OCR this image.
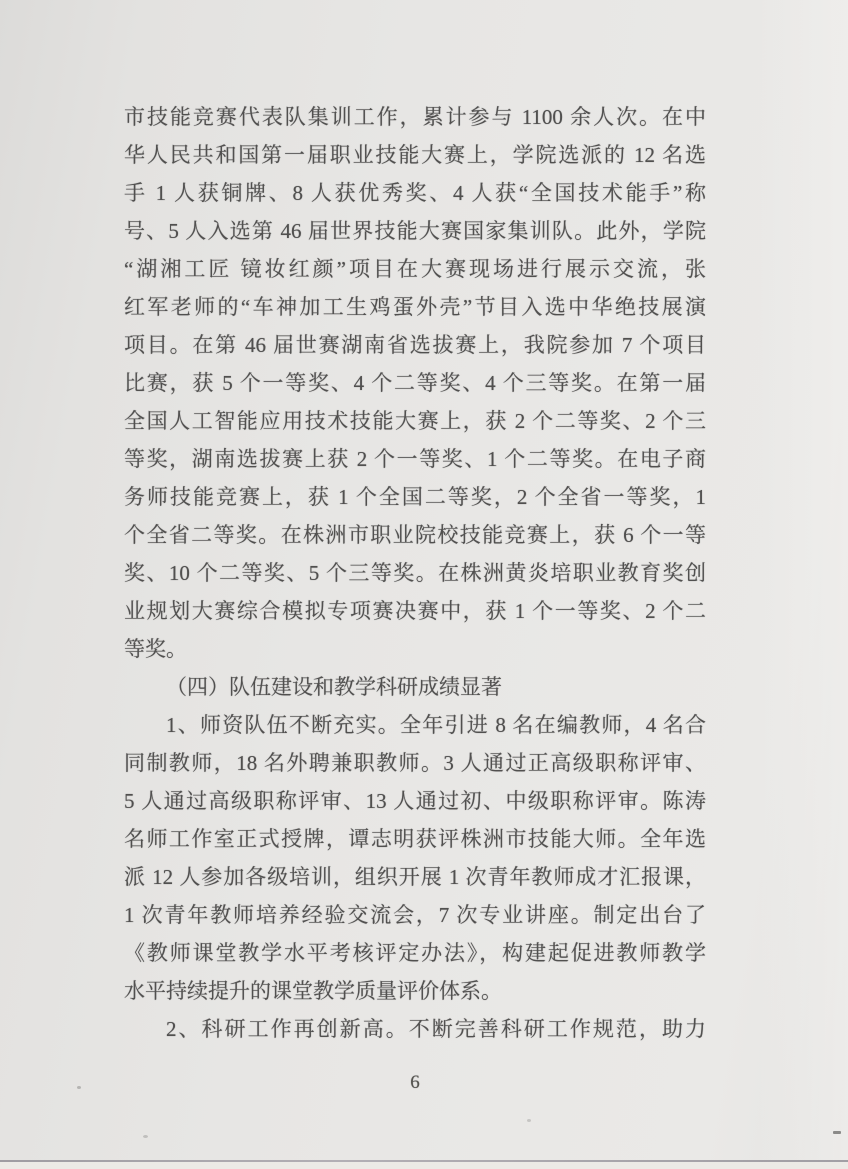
市技能竞赛代表队集训工作，累计参与 1100 余人次。在中
华人民共和国第一届职业技能大赛上，学院选派的 12 名选
手 1 人获铜牌、8 人获优秀奖、4 人获“全国技术能手”称
号、5 人入选第 46 届世界技能大赛国家集训队。此外，学院
“湖湘工匠 镜妆红颜”项目在大赛现场进行展示交流，张
红军老师的“车神加工生鸡蛋外壳”节目入选中华绝技展演
项目。在第 46 届世赛湖南省选拔赛上，我院参加 7 个项目
比赛，获 5 个一等奖、4 个二等奖、4 个三等奖。在第一届
全国人工智能应用技术技能大赛上，获 2 个二等奖、2 个三
等奖，湖南选拔赛上获 2 个一等奖、1 个二等奖。在电子商
务师技能竞赛上，获 1 个全国二等奖，2 个全省一等奖，1
个全省二等奖。在株洲市职业院校技能竞赛上，获 6 个一等
奖、10 个二等奖、5 个三等奖。在株洲黄炎培职业教育奖创
业规划大赛综合模拟专项赛决赛中，获 1 个一等奖、2 个二
等奖。
（四）队伍建设和教学科研成绩显著
1、师资队伍不断充实。全年引进 8 名在编教师，4 名合
同制教师，18 名外聘兼职教师。3 人通过正高级职称评审、
5 人通过高级职称评审、13 人通过初、中级职称评审。陈涛
名师工作室正式授牌，谭志明获评株洲市技能大师。全年选
派 12 人参加各级培训，组织开展 1 次青年教师成才汇报课，
1 次青年教师培养经验交流会，7 次专业讲座。制定出台了
《教师课堂教学水平考核评定办法》，构建起促进教师教学
水平持续提升的课堂教学质量评价体系。
2、科研工作再创新高。不断完善科研工作规范，助力
6
